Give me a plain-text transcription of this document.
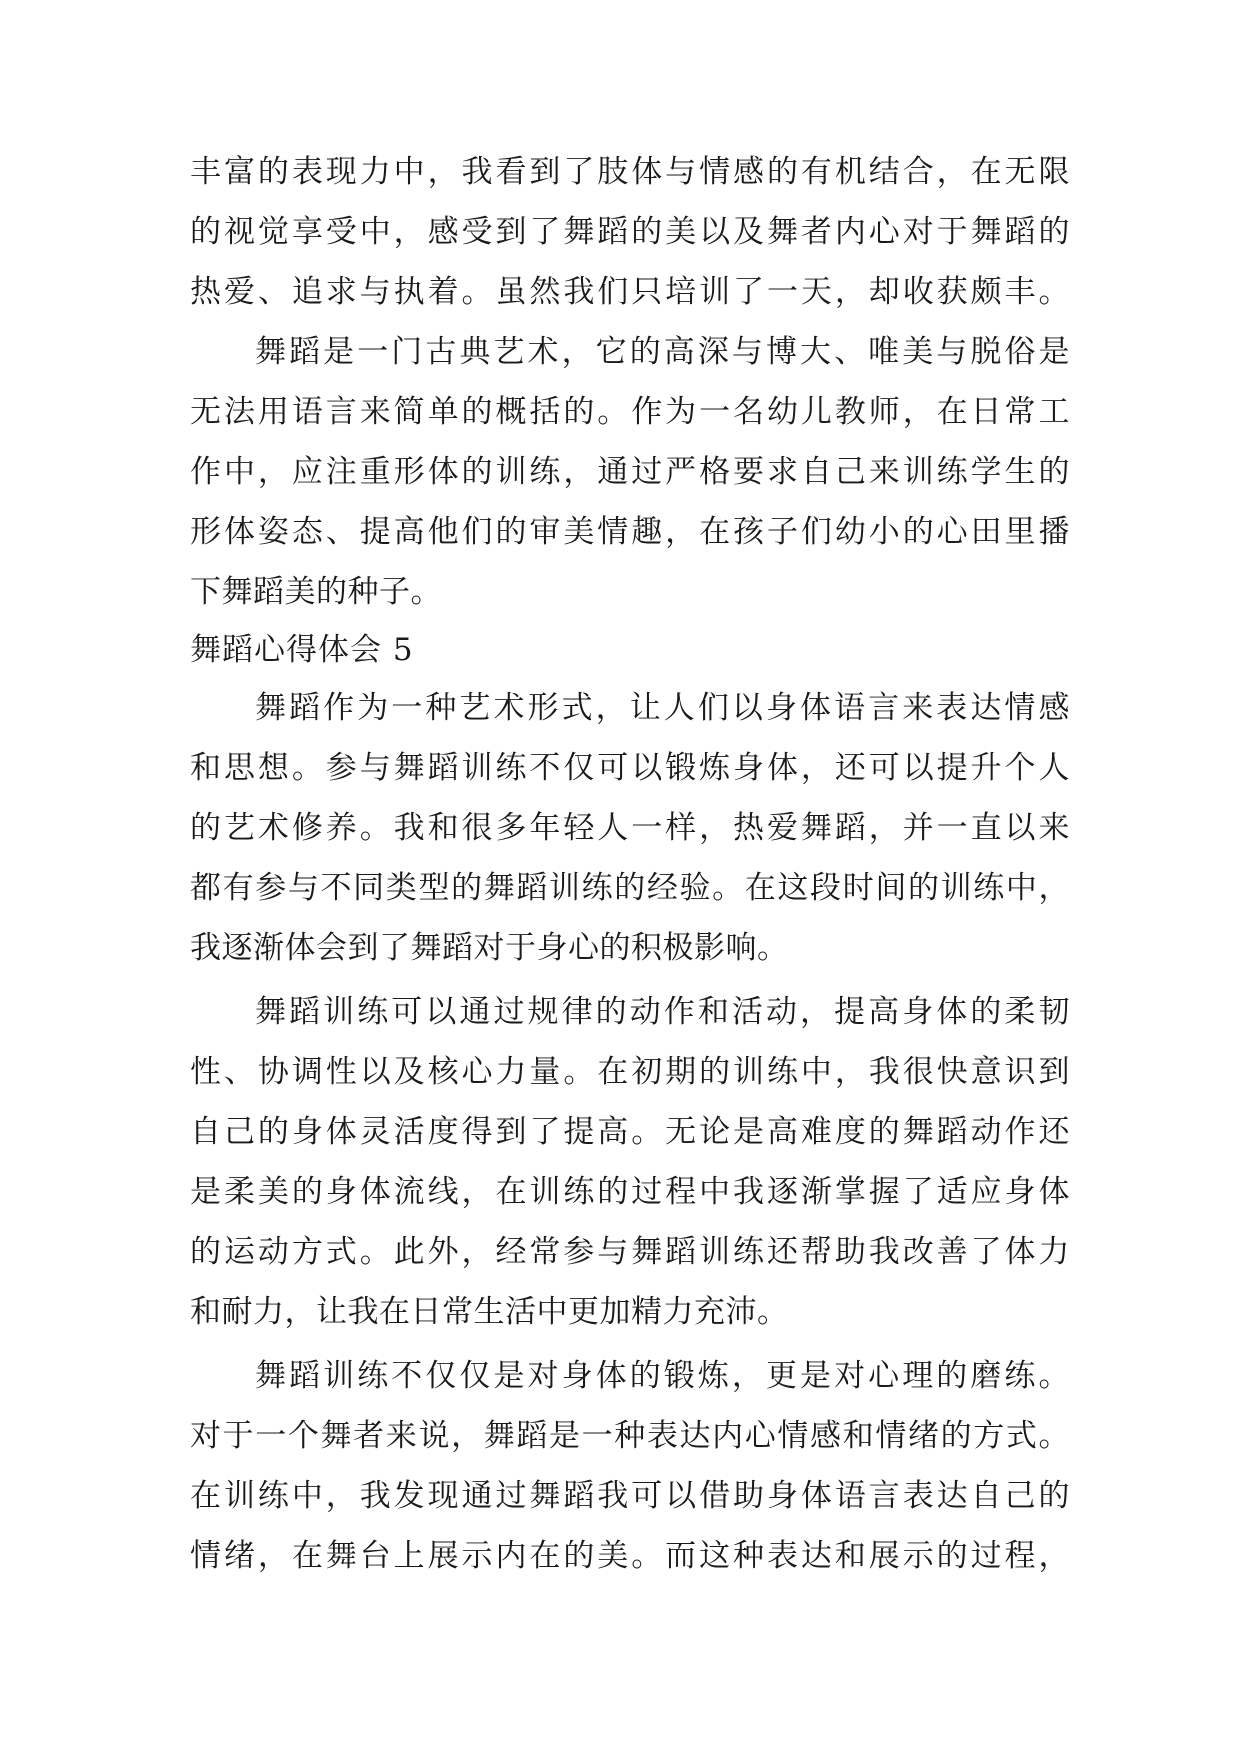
丰富的表现力中，我看到了肢体与情感的有机结合，在无限
的视觉享受中，感受到了舞蹈的美以及舞者内心对于舞蹈的
热爱、追求与执着。虽然我们只培训了一天，却收获颇丰。
舞蹈是一门古典艺术，它的高深与博大、唯美与脱俗是
无法用语言来简单的概括的。作为一名幼儿教师，在日常工
作中，应注重形体的训练，通过严格要求自己来训练学生的
形体姿态、提高他们的审美情趣，在孩子们幼小的心田里播
下舞蹈美的种子。
舞蹈心得体会 5
舞蹈作为一种艺术形式，让人们以身体语言来表达情感
和思想。参与舞蹈训练不仅可以锻炼身体，还可以提升个人
的艺术修养。我和很多年轻人一样，热爱舞蹈，并一直以来
都有参与不同类型的舞蹈训练的经验。在这段时间的训练中，
我逐渐体会到了舞蹈对于身心的积极影响。
舞蹈训练可以通过规律的动作和活动，提高身体的柔韧
性、协调性以及核心力量。在初期的训练中，我很快意识到
自己的身体灵活度得到了提高。无论是高难度的舞蹈动作还
是柔美的身体流线，在训练的过程中我逐渐掌握了适应身体
的运动方式。此外，经常参与舞蹈训练还帮助我改善了体力
和耐力，让我在日常生活中更加精力充沛。
舞蹈训练不仅仅是对身体的锻炼，更是对心理的磨练。
对于一个舞者来说，舞蹈是一种表达内心情感和情绪的方式。
在训练中，我发现通过舞蹈我可以借助身体语言表达自己的
情绪，在舞台上展示内在的美。而这种表达和展示的过程，
